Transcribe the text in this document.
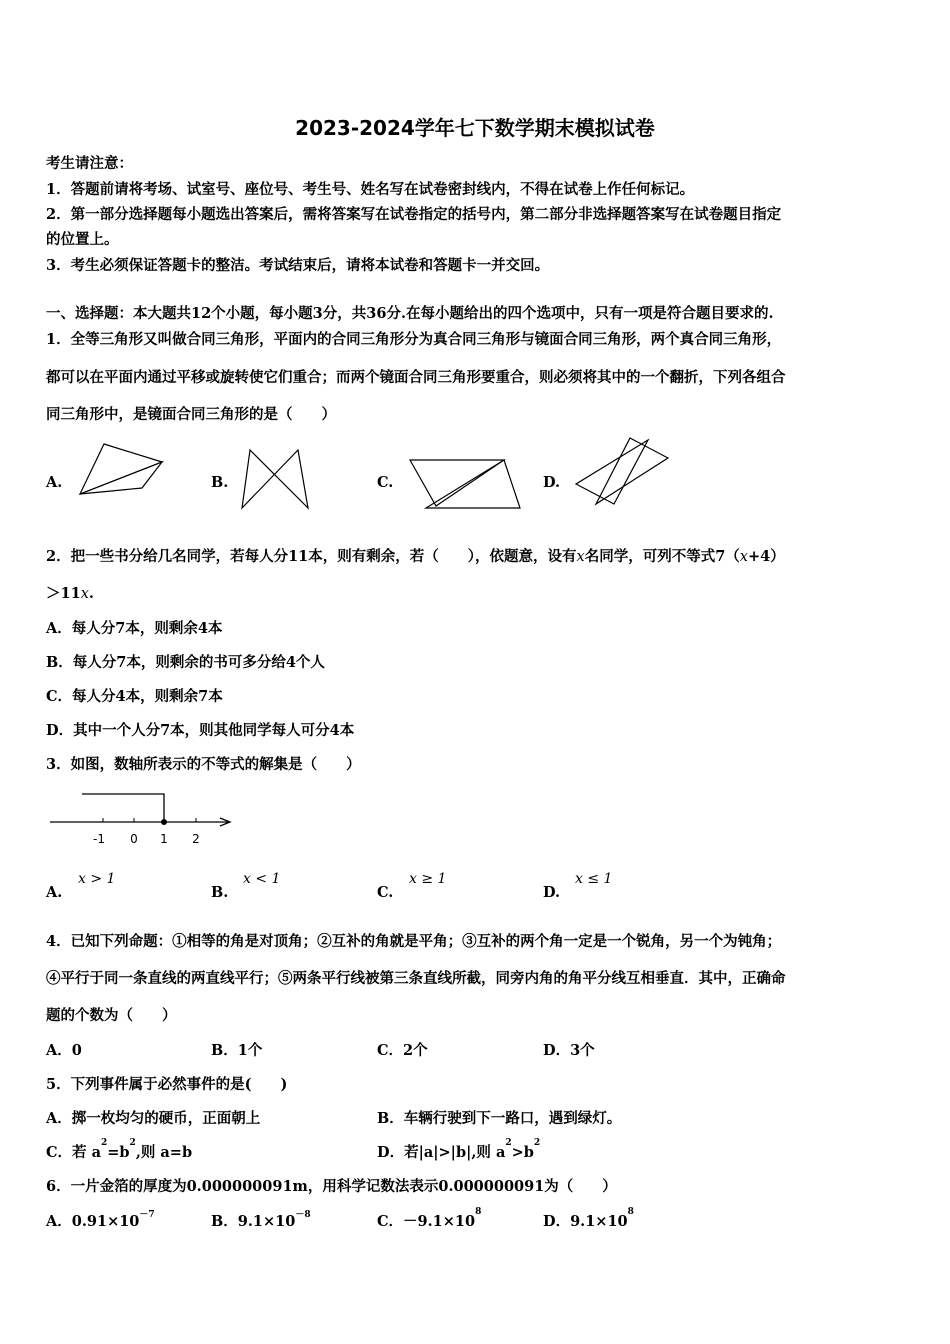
2023-2024学年七下数学期末模拟试卷
考生请注意：
1．答题前请将考场、试室号、座位号、考生号、姓名写在试卷密封线内，不得在试卷上作任何标记。
2．第一部分选择题每小题选出答案后，需将答案写在试卷指定的括号内，第二部分非选择题答案写在试卷题目指定
的位置上。
3．考生必须保证答题卡的整洁。考试结束后，请将本试卷和答题卡一并交回。
一、选择题：本大题共12个小题，每小题3分，共36分.在每小题给出的四个选项中，只有一项是符合题目要求的.
1．全等三角形又叫做合同三角形，平面内的合同三角形分为真合同三角形与镜面合同三角形，两个真合同三角形，
都可以在平面内通过平移或旋转使它们重合；而两个镜面合同三角形要重合，则必须将其中的一个翻折，下列各组合
同三角形中，是镜面合同三角形的是（　　）
A.	B.	C.	D.
2．把一些书分给几名同学，若每人分11本，则有剩余，若（　　），依题意，设有x名同学，可列不等式7（x+4）
＞11x.
A．每人分7本，则剩余4本
B．每人分7本，则剩余的书可多分给4个人
C．每人分4本，则剩余7本
D．其中一个人分7本，则其他同学每人可分4本
3．如图，数轴所表示的不等式的解集是（　　）
-1 0 1 2
A.
x > 1
B.
x < 1
C.
x ≥ 1
D.
x ≤ 1
4．已知下列命题：①相等的角是对顶角；②互补的角就是平角；③互补的两个角一定是一个锐角，另一个为钝角；
④平行于同一条直线的两直线平行；⑤两条平行线被第三条直线所截，同旁内角的角平分线互相垂直．其中，正确命
题的个数为（　　）
A．0	B．1个	C．2个	D．3个
5．下列事件属于必然事件的是(　　)
A．掷一枚均匀的硬币，正面朝上	B．车辆行驶到下一路口，遇到绿灯。
C．若 $a^2=b^2$,则 a=b	D．若|a|>|b|,则 $a^2>b^2$
6．一片金箔的厚度为0.000000091m，用科学记数法表示0.000000091为（　　）
A．$0.91\times 10^{-7}$	B．$9.1\times 10^{-8}$	C．$-9.1\times 10^8$
D．$9.1\times 10^8$
